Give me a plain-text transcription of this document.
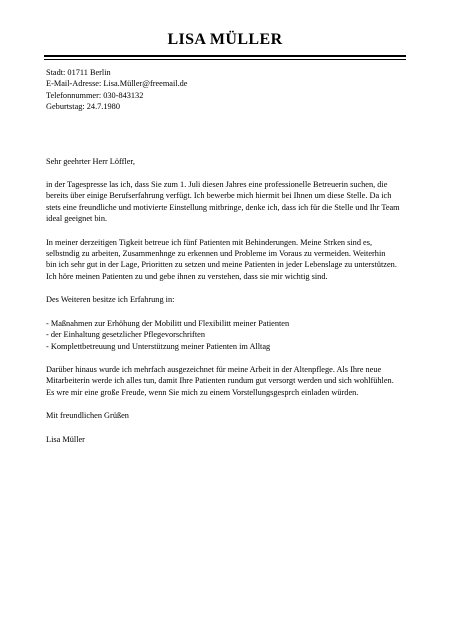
LISA MÜLLER
Stadt: 01711 Berlin
E-Mail-Adresse: Lisa.Müller@freemail.de
Telefonnummer: 030-843132
Geburtstag: 24.7.1980
Sehr geehrter Herr Löffler,
in der Tagespresse las ich, dass Sie zum 1. Juli diesen Jahres eine professionelle Betreuerin suchen, die
bereits über einige Berufserfahrung verfügt. Ich bewerbe mich hiermit bei Ihnen um diese Stelle. Da ich
stets eine freundliche und motivierte Einstellung mitbringe, denke ich, dass ich für die Stelle und Ihr Team
ideal geeignet bin.
In meiner derzeitigen Tigkeit betreue ich fünf Patienten mit Behinderungen. Meine Strken sind es,
selbstndig zu arbeiten, Zusammenhnge zu erkennen und Probleme im Voraus zu vermeiden. Weiterhin
bin ich sehr gut in der Lage, Prioritten zu setzen und meine Patienten in jeder Lebenslage zu unterstützen.
Ich höre meinen Patienten zu und gebe ihnen zu verstehen, dass sie mir wichtig sind.
Des Weiteren besitze ich Erfahrung in:
- Maßnahmen zur Erhöhung der Mobilitt und Flexibilitt meiner Patienten
- der Einhaltung gesetzlicher Pflegevorschriften
- Komplettbetreuung und Unterstützung meiner Patienten im Alltag
Darüber hinaus wurde ich mehrfach ausgezeichnet für meine Arbeit in der Altenpflege. Als Ihre neue
Mitarbeiterin werde ich alles tun, damit Ihre Patienten rundum gut versorgt werden und sich wohlfühlen.
Es wre mir eine große Freude, wenn Sie mich zu einem Vorstellungsgesprch einladen würden.
Mit freundlichen Grüßen
Lisa Müller
